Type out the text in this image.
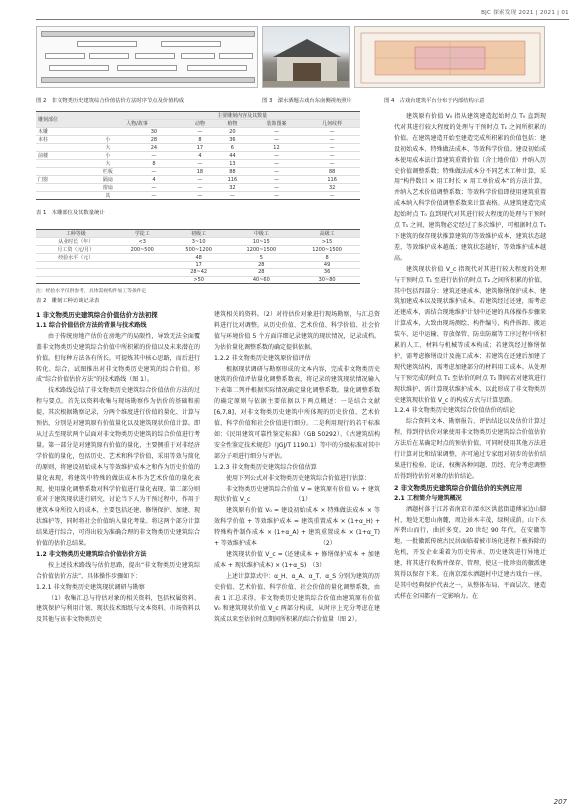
BJC 探索发现 2021 | 2021 | 01
图 2　非文物类历史建筑综合价值估价方法时序节点及价值构成	图 3　溧水洒题古戏台东南侧视角照片	图 4　古戏台建筑平台分布于内部结构示意
雕刻部位		主要雕刻内容及其数量				
		人物/故事	动物	植物	装饰图案	几何纹样
木雕		30	—	20	—	—
本柱	小	28	8	36	—	—
	大	24	17	6	12	—
前楼	小	—	4	44	—	—
	大	8	—	13	—	—
	栏板	—	18	88	—	88
门窗	隔扇	4	—	116	—	116
	窗扇	—	—	32	—	32
	其	—	—	—	—	—
表 1　木雕部位及其数量统计
工种等级	学徒工	初级工	中级工	高级工
从业时长（年）	<3	3~10	10~15	>15
月工资（元/月）	200~500	500~1200	1200~1500	1200~1500
经验水平（元）		48	5	8
		17	28	49
		28~42	28	36
		>50	40~60	30~80
注：经验水平仅供参考，具体需视构件加工等条件定
表 2　雕刻工种访谈记录表

1 非文物类历史建筑综合价值估价方法初探

1.1 综合价值估价方法的背景与技术路线

由于传统房地产估价在房地产的局限性，导致无法全面覆盖非文物类历史建筑综合价值中所积累的价值以及未来潜在的价值。但每种方法各有所长。可提炼其中核心思路，而后进行转化、综合，试图推出对非文物类历史建筑的综合价值。形成“综合价值估价方法”的技术路线（图 1）。

技术路线总结了非文物类历史建筑综合价值估价方法的过程与要点。首先以资料收集与现场勘察作为估价的基础和前提，其次根据勘察记录，分两个维度进行价值的量化、计算与预估，分别是对建筑原有价值量化以及建筑现状价值计算。即从过去至现状两个层面对非文物类历史建筑的综合价值进行考量。第一部分是对建筑原有价值的量化，主要侧重于对非经济学价值的量化，包括历史、艺术和科学价值，采用等效与简化的原则，将建设初始成本与等效维护成本之和作为历史价值的量化表现，将建筑中特殊的做法成本作为艺术价值的量化表现，使用量化调整系数对科学价值进行量化表现。第二部分则重对于建筑现状进行研究，讨论当下人为干预过程中，作用于建筑本身所投入的成本，主要包括还建、修缮保护、加建、现状维护等，同时将社会价值纳入量化考量。将这两个部分计算结果进行综合，可得出较为准确合理的非文物类历史建筑综合价值的估价总结果。

1.2 非文物类历史建筑综合价值估价方法

按上述技术路线与估价思路，提出“非文物类历史建筑综合价值估价方法”，具体操作步骤如下：

1.2.1 非文物类历史建筑现状调研与勘察

（1）收集汇总与待估对象的相关资料，包括权属资料、建筑保护与利用计划、现状技术图纸与文本资料、市场资料以及其他与该非文物类历史

建筑相关的资料。（2）对待估价对象进行现场勘察，与汇总资料进行比对调整。从历史价值、艺术价值、科学价值、社会价值与环境价值 5 个方面详细记录建筑的现状情况，记录成档。为估价量化调整系数的确定提供依据。

1.2.2 非文物类历史建筑原价值评估

根据现状调研与勘察形成的文本内容，完成非文物类历史建筑的价值评估量化调整系数表，将记录的建筑现状情况输入下表第二列并根据实际情况确定量化调整系数。量化调整系数的确定原则与依据主要依据以下两点概述：一是结合文献 [6,7,8]，对非文物类历史建筑中所体现的历史价值、艺术价值、科学价值和社会价值进行细分。二是利用现行的若干标准如：《民用建筑可靠性鉴定标准》（GB 50292）、《古建筑结构安全性鉴定技术规范》（JGJ/T 1190.1）等中的分级标准对其中部分子项进行细分与评估。

1.2.3 非文物类历史建筑综合价值估算

使用下列公式对非文物类历史建筑综合价值进行估算：

非文物类历史建筑综合价值 V = 建筑原有价值 V₀ + 建筑现状价值 V_c　　　　　　　　（1）

建筑原有价值 V₀ = 建设初始成本 × 特殊做法成本 × 等效科学价值 + 等效维护成本 = 建筑重置成本 × (1+α_H) + 特殊构件制作成本 × (1+α_A) + 建筑重置成本 × (1+α_T) + 等效维护成本　　　　　　　　　　　（2）

建筑现状价值 V_c = (还建成本 + 修缮保护成本 + 加建成本 + 现状维护成本) × (1+α_S)　（3）

上述计算算式中：α_H、α_A、α_T、α_S 分别为建筑的历史价值、艺术价值、科学价值、社会价值的量化调整系数，由表 1 汇总求得。非文物类历史建筑综合价值由建筑原有价值 V₀ 和建筑现状价值 V_c 两部分构成，从时序上充分考虑在建筑成以来至估价时点期间所积累的综合价值量（图 2）。

建筑原有价值 V₀ 指从建筑建造起始时点 T₀ 直到现代对其进行较大程度的处理与干预时点 T₁ 之间所积累的价值。在建筑建造开始至建造完成所积累的价值包括：建设初始成本、特殊做法成本、等效科学价值。建设初始成本使用成本法计算建筑重置价值（含土地价值）并纳入历史价值调整系数；特殊做法成本分不同艺术工种计算，采用“构件数目 × 用工时长 × 用工单价成本”的方法计算，并纳入艺术价值调整系数；等效科学价值即使用建筑重置成本纳入科学价值调整系数来计算表格。从建筑建造完成起始时点 T₀ 直到现代对其进行较大程度的处理与干预时点 T₁ 之间，建筑物必定经过了多次维护，可根据时点 T₁ 下建筑的保存现状推算建筑的等效维护成本，建筑状态越差，等效维护成本越低；建筑状态越好，等效维护成本越高。

建筑现状价值 V_c 指现代对其进行较大程度的处理与干预时点 T₁ 至进行估价的时点 T₂ 之间所积累的价值，其中包括四部分：建筑还建成本、建筑修缮保护成本、建筑加建成本以及现状维护成本。若建筑经过还建，需考虑还建成本，需结合现地维护计划中还建的具体操作步骤来计算成本，大致由现场测绘、构件编号、构件拆卸、搬运装车、运中运输、存放保管、防虫防腐等工序过程中所积累的人工、材料与机械等成本构成；若建筑经过修缮保护，需考虑修缮设计及施工成本；若建筑在还建后加建了现代建筑结构，需考虑加建部分的材料用工成本。从处理与干预完成的时点 T₁ 至估价的时点 T₂ 期间若对建筑进行现状维护，需计算现状维护成本，以此形成了非文物类历史建筑现状价值 V_c 的构成方式与计算思路。

1.2.4 非文物类历史建筑综合价值估价的结论

综合资料文本、勘察报告、评估结论以及估价计算过程，得到待估价对象使用非文物类历史建筑综合价值估价方法后在某确定时点的预估价值，可同时使用其他方法进行计算对比和结果调整，亦可通过专家组对初步的估价结果进行检验、论证，权衡各种问题、历经、充分考虑调整后得到待估价对象的估价结论。

2 非文物类历史建筑综合价值估价的实例应用

2.1 工程简介与建筑概况

洒题村落于江苏省南京市溧水区洪蓝街道傅家边山脚村，地处无想山南麓，周边景木丰茂，绿树成荫。山下水库碧山而行，曲折多变。20 世纪 90 年代，在安徽等地，一批徽派传统古民居面临着被市场化进程下被拆除的危机，开发企业秉着为历史传承、历史建筑进行异地迁建，将其进行收购并保存、管理，使这一批珍贵的徽派建筑得以保存下来。在南京溧水洒题村中迁建古戏台一座，是其中经典保护代表之一，从整体布局、平面层次、建造式样在全国都有一定影响力。在

207
